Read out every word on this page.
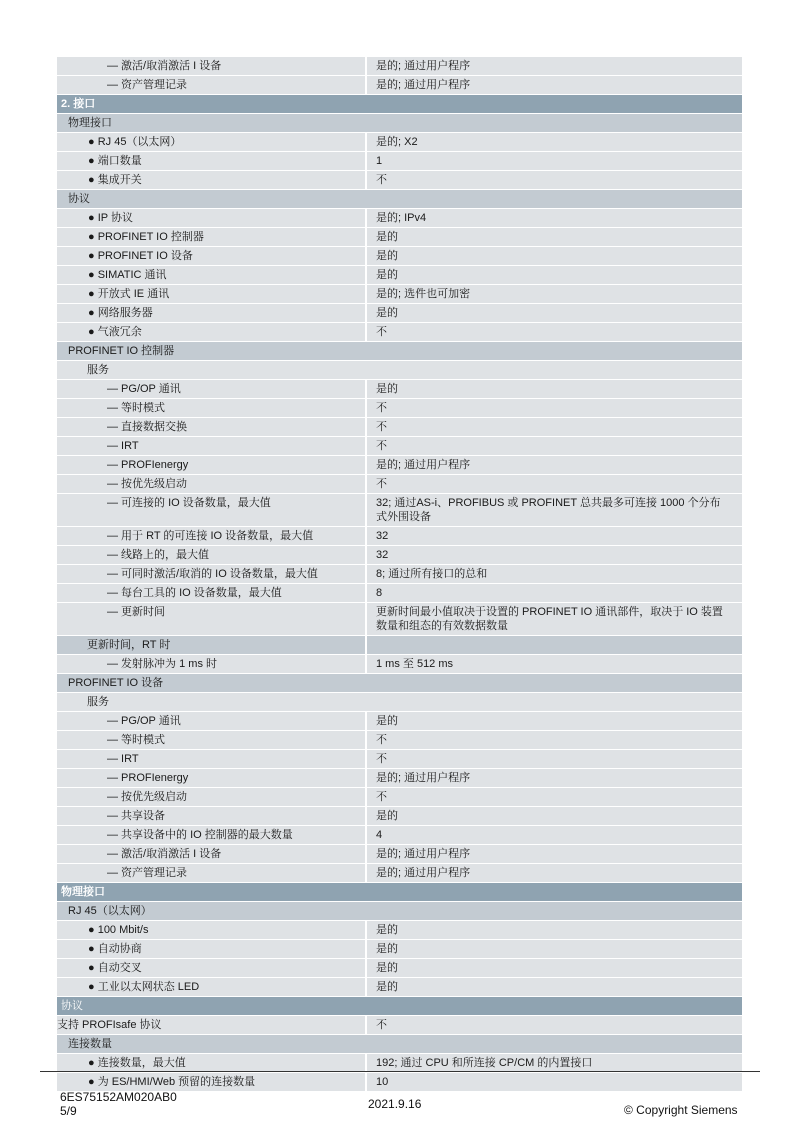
— 激活/取消激活 I 设备	是的; 通过用户程序
— 资产管理记录	是的; 通过用户程序
2. 接口
物理接口
● RJ 45（以太网）	是的; X2
● 端口数量	1
● 集成开关	不
协议
● IP 协议	是的; IPv4
● PROFINET IO 控制器	是的
● PROFINET IO 设备	是的
● SIMATIC 通讯	是的
● 开放式 IE 通讯	是的; 选件也可加密
● 网络服务器	是的
● 气液冗余	不
PROFINET IO 控制器
服务
— PG/OP 通讯	是的
— 等时模式	不
— 直接数据交换	不
— IRT	不
— PROFIenergy	是的; 通过用户程序
— 按优先级启动	不
— 可连接的 IO 设备数量，最大值	32; 通过AS-i、PROFIBUS 或 PROFINET 总共最多可连接 1000 个分布式外围设备
— 用于 RT 的可连接 IO 设备数量，最大值	32
— 线路上的，最大值	32
— 可同时激活/取消的 IO 设备数量，最大值	8; 通过所有接口的总和
— 每台工具的 IO 设备数量，最大值	8
— 更新时间	更新时间最小值取决于设置的 PROFINET IO 通讯部件，取决于 IO 装置数量和组态的有效数据数量
更新时间，RT 时
— 发射脉冲为 1 ms 时	1 ms 至 512 ms
PROFINET IO 设备
服务
— PG/OP 通讯	是的
— 等时模式	不
— IRT	不
— PROFIenergy	是的; 通过用户程序
— 按优先级启动	不
— 共享设备	是的
— 共享设备中的 IO 控制器的最大数量	4
— 激活/取消激活 I 设备	是的; 通过用户程序
— 资产管理记录	是的; 通过用户程序
物理接口
RJ 45（以太网）
● 100 Mbit/s	是的
● 自动协商	是的
● 自动交叉	是的
● 工业以太网状态 LED	是的
协议
支持 PROFIsafe 协议	不
连接数量
● 连接数量，最大值	192; 通过 CPU 和所连接 CP/CM 的内置接口
● 为 ES/HMI/Web 预留的连接数量	10
6ES75152AM020AB0
5/9	2021.9.16	© Copyright Siemens
